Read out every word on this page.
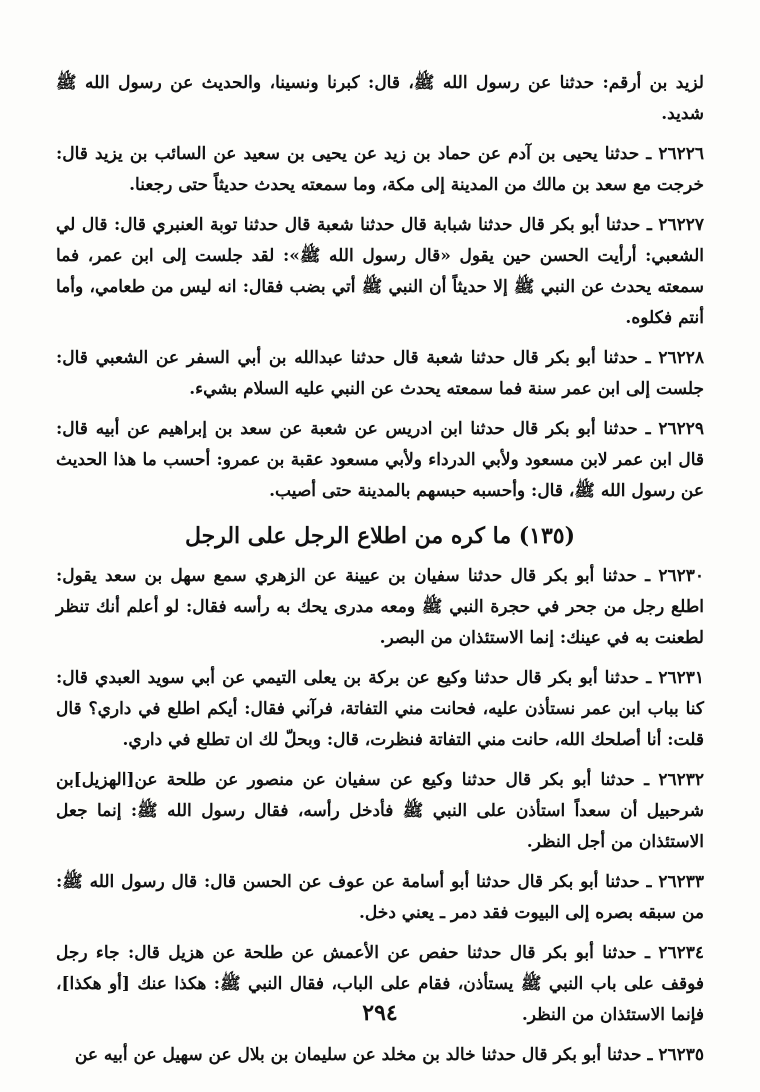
لزيد بن أرقم: حدثنا عن رسول الله ﷺ، قال: كبرنا ونسينا، والحديث عن رسول الله ﷺ شديد.

٢٦٢٢٦ ـ حدثنا يحيى بن آدم عن حماد بن زيد عن يحيى بن سعيد عن السائب بن يزيد قال: خرجت مع سعد بن مالك من المدينة إلى مكة، وما سمعته يحدث حديثاً حتى رجعنا.

٢٦٢٢٧ ـ حدثنا أبو بكر قال حدثنا شبابة قال حدثنا شعبة قال حدثنا توبة العنبري قال: قال لي الشعبي: أرأيت الحسن حين يقول «قال رسول الله ﷺ»: لقد جلست إلى ابن عمر، فما سمعته يحدث عن النبي ﷺ إلا حديثاً أن النبي ﷺ أتي بضب فقال: انه ليس من طعامي، وأما أنتم فكلوه.

٢٦٢٢٨ ـ حدثنا أبو بكر قال حدثنا شعبة قال حدثنا عبدالله بن أبي السفر عن الشعبي قال: جلست إلى ابن عمر سنة فما سمعته يحدث عن النبي عليه السلام بشيء.

٢٦٢٢٩ ـ حدثنا أبو بكر قال حدثنا ابن ادريس عن شعبة عن سعد بن إبراهيم عن أبيه قال: قال ابن عمر لابن مسعود ولأبي الدرداء ولأبي مسعود عقبة بن عمرو: أحسب ما هذا الحديث عن رسول الله ﷺ، قال: وأحسبه حبسهم بالمدينة حتى أصيب.

(١٣٥) ما كره من اطلاع الرجل على الرجل

٢٦٢٣٠ ـ حدثنا أبو بكر قال حدثنا سفيان بن عيينة عن الزهري سمع سهل بن سعد يقول: اطلع رجل من جحر في حجرة النبي ﷺ ومعه مدرى يحك به رأسه فقال: لو أعلم أنك تنظر لطعنت به في عينك: إنما الاستئذان من البصر.

٢٦٢٣١ ـ حدثنا أبو بكر قال حدثنا وكيع عن بركة بن يعلى التيمي عن أبي سويد العبدي قال: كنا بباب ابن عمر نستأذن عليه، فحانت مني التفاتة، فرآني فقال: أيكم اطلع في داري؟ قال قلت: أنا أصلحك الله، حانت مني التفاتة فنظرت، قال: وبحلّ لك ان تطلع في داري.

٢٦٢٣٢ ـ حدثنا أبو بكر قال حدثنا وكيع عن سفيان عن منصور عن طلحة عن[الهزيل]بن شرحبيل أن سعداً استأذن على النبي ﷺ فأدخل رأسه، فقال رسول الله ﷺ: إنما جعل الاستئذان من أجل النظر.

٢٦٢٣٣ ـ حدثنا أبو بكر قال حدثنا أبو أسامة عن عوف عن الحسن قال: قال رسول الله ﷺ: من سبقه بصره إلى البيوت فقد دمر ـ يعني دخل.

٢٦٢٣٤ ـ حدثنا أبو بكر قال حدثنا حفص عن الأعمش عن طلحة عن هزيل قال: جاء رجل فوقف على باب النبي ﷺ يستأذن، فقام على الباب، فقال النبي ﷺ: هكذا عنك [أو هكذا]، فإنما الاستئذان من النظر.

٢٦٢٣٥ ـ حدثنا أبو بكر قال حدثنا خالد بن مخلد عن سليمان بن بلال عن سهيل عن أبيه عن

٢٩٤
